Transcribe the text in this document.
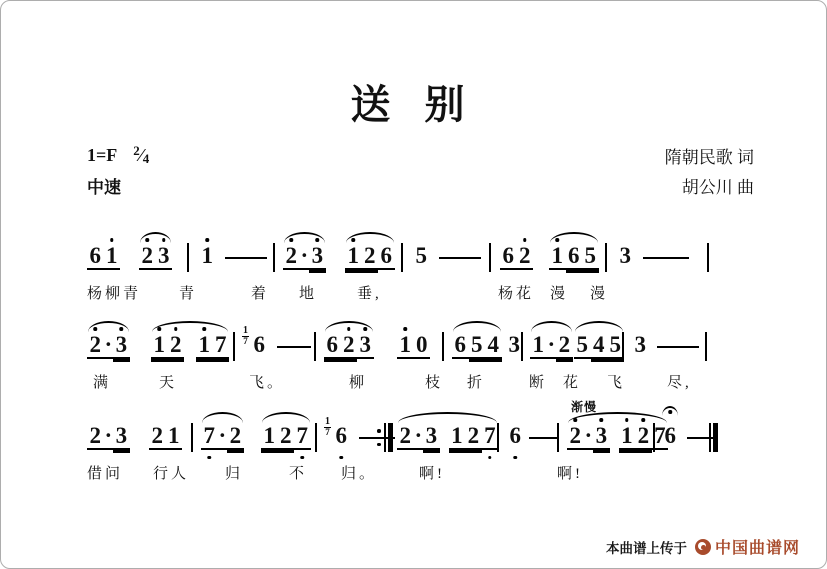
送 别
1=F $^2⁄_4$
中速
隋朝民歌 词
胡公川 曲
6 1 2 3 1	2 · 3 1 2 6 5	6 2 1 6 5 3
杨柳青	青	着 地	垂,	杨花 漫 漫
2 · 3 1 2 1 7
1
7 6	6 2 3 1 0 6 5 4 3 1 · 2 5 4 5 3
满	天	飞。	柳	枝 折	断 花 飞	尽,
2 · 3 2 1 7 · 2 1 2 7
1
7 6 2 · 3 1 2 7 6
渐慢
2 · 3 1 2 7
6
借问 行人 归	不 归。	啊!	啊!
本曲谱上传于 中国曲谱网
